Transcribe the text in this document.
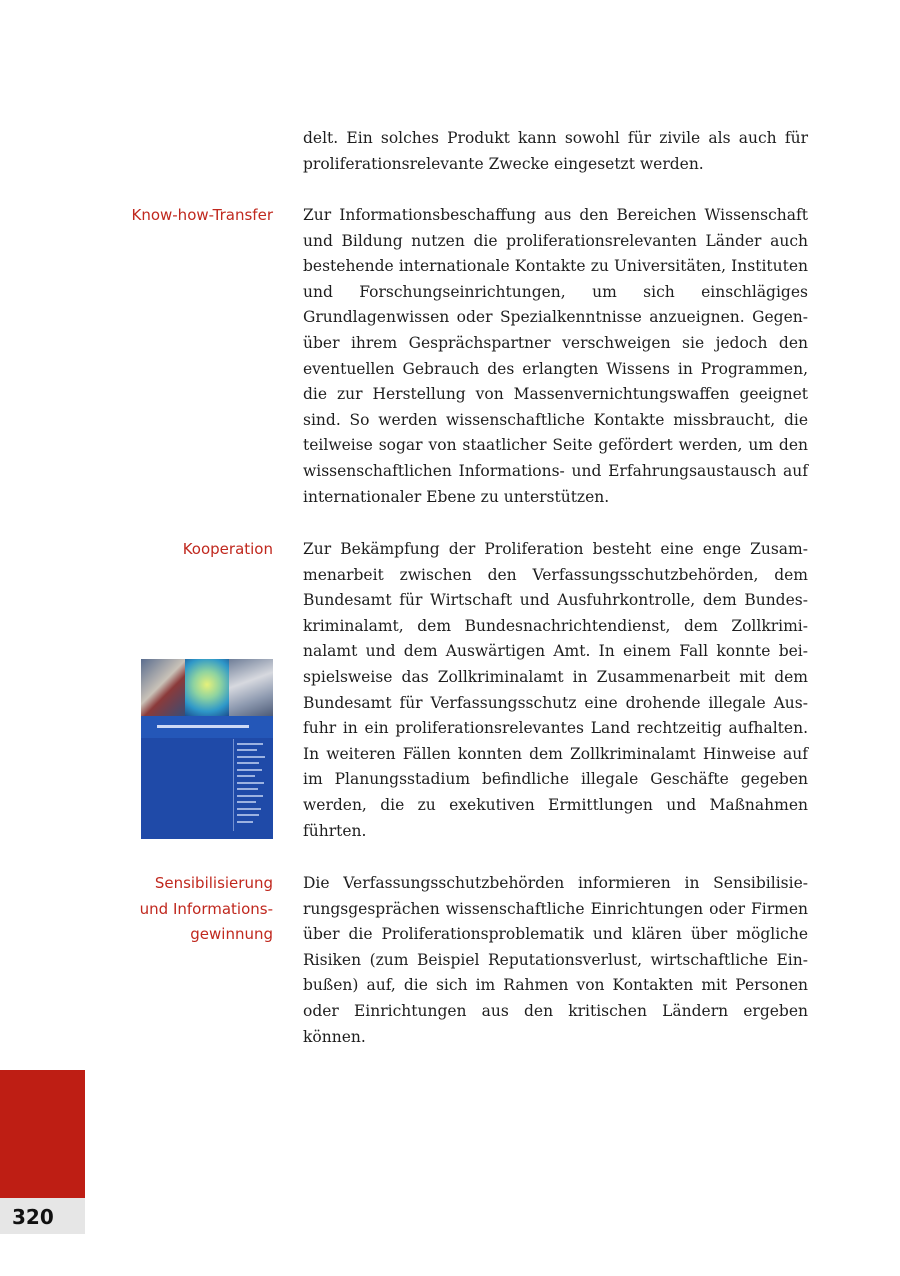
delt. Ein solches Produkt kann sowohl für zivile als auch für proliferationsrelevante Zwecke eingesetzt werden.

Know-how-Transfer Zur Informationsbeschaffung aus den Bereichen Wissenschaft und Bildung nutzen die proliferationsrelevanten Länder auch bestehende internationale Kontakte zu Universitäten, Instituten und Forschungseinrichtungen, um sich einschlägiges Grundlagenwissen oder Spezialkenntnisse anzueignen. Gegenüber ihrem Gesprächspartner verschweigen sie jedoch den eventuellen Gebrauch des erlangten Wissens in Programmen, die zur Herstellung von Massenvernichtungswaffen geeignet sind. So werden wissenschaftliche Kontakte missbraucht, die teilweise sogar von staatlicher Seite gefördert werden, um den wissenschaftlichen Informations- und Erfahrungsaustausch auf internationaler Ebene zu unterstützen.

Kooperation Zur Bekämpfung der Proliferation besteht eine enge Zusammenarbeit zwischen den Verfassungsschutzbehörden, dem Bundesamt für Wirtschaft und Ausfuhrkontrolle, dem Bundeskriminalamt, dem Bundesnachrichtendienst, dem Zollkriminalamt und dem Auswärtigen Amt. In einem Fall konnte beispielsweise das Zollkriminalamt in Zusammenarbeit mit dem Bundesamt für Verfassungsschutz eine drohende illegale Ausfuhr in ein proliferationsrelevantes Land rechtzeitig aufhalten. In weiteren Fällen konnten dem Zollkriminalamt Hinweise auf im Planungsstadium befindliche illegale Geschäfte gegeben werden, die zu exekutiven Ermittlungen und Maßnahmen führten.

Sensibilisierung
und Informations-
gewinnung

Die Verfassungsschutzbehörden informieren in Sensibilisierungsgesprächen wissenschaftliche Einrichtungen oder Firmen über die Proliferationsproblematik und klären über mögliche Risiken (zum Beispiel Reputationsverlust, wirtschaftliche Einbußen) auf, die sich im Rahmen von Kontakten mit Personen oder Einrichtungen aus den kritischen Ländern ergeben können.

320
